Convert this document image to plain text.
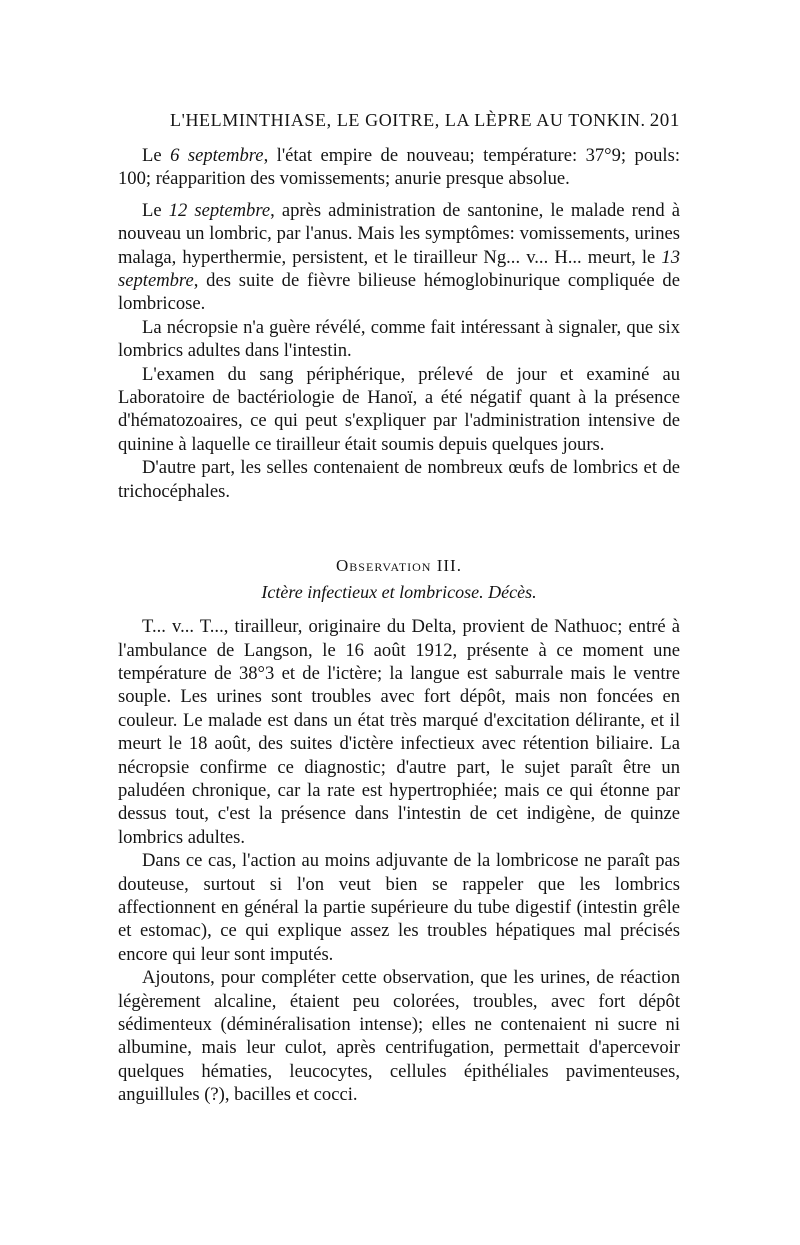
L'HELMINTHIASE, LE GOITRE, LA LÈPRE AU TONKIN. 201

Le 6 septembre, l'état empire de nouveau; température: 37°9; pouls: 100; réapparition des vomissements; anurie presque absolue.

Le 12 septembre, après administration de santonine, le malade rend à nouveau un lombric, par l'anus. Mais les symptômes: vomissements, urines malaga, hyperthermie, persistent, et le tirailleur Ng... v... H... meurt, le 13 septembre, des suite de fièvre bilieuse hémoglobinurique compliquée de lombricose.

La nécropsie n'a guère révélé, comme fait intéressant à signaler, que six lombrics adultes dans l'intestin.

L'examen du sang périphérique, prélevé de jour et examiné au Laboratoire de bactériologie de Hanoï, a été négatif quant à la présence d'hématozoaires, ce qui peut s'expliquer par l'administration intensive de quinine à laquelle ce tirailleur était soumis depuis quelques jours.

D'autre part, les selles contenaient de nombreux œufs de lombrics et de trichocéphales.

Observation III.
Ictère infectieux et lombricose. Décès.

T... v... T..., tirailleur, originaire du Delta, provient de Nathuoc; entré à l'ambulance de Langson, le 16 août 1912, présente à ce moment une température de 38°3 et de l'ictère; la langue est saburrale mais le ventre souple. Les urines sont troubles avec fort dépôt, mais non foncées en couleur. Le malade est dans un état très marqué d'excitation délirante, et il meurt le 18 août, des suites d'ictère infectieux avec rétention biliaire. La nécropsie confirme ce diagnostic; d'autre part, le sujet paraît être un paludéen chronique, car la rate est hypertrophiée; mais ce qui étonne par dessus tout, c'est la présence dans l'intestin de cet indigène, de quinze lombrics adultes.

Dans ce cas, l'action au moins adjuvante de la lombricose ne paraît pas douteuse, surtout si l'on veut bien se rappeler que les lombrics affectionnent en général la partie supérieure du tube digestif (intestin grêle et estomac), ce qui explique assez les troubles hépatiques mal précisés encore qui leur sont imputés.

Ajoutons, pour compléter cette observation, que les urines, de réaction légèrement alcaline, étaient peu colorées, troubles, avec fort dépôt sédimenteux (déminéralisation intense); elles ne contenaient ni sucre ni albumine, mais leur culot, après centrifugation, permettait d'apercevoir quelques hématies, leucocytes, cellules épithéliales pavimenteuses, anguillules (?), bacilles et cocci.
